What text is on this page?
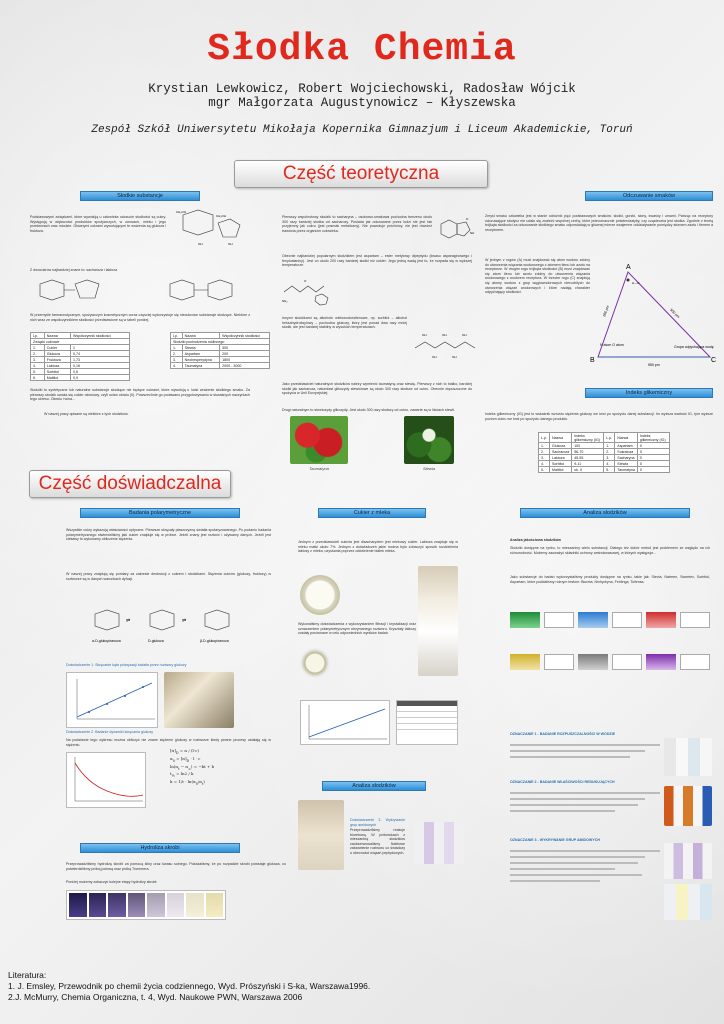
Słodka Chemia
Krystian Lewkowicz, Robert Wojciechowski, Radosław Wójcik
mgr Małgorzata Augustynowicz – Kłyszewska
Zespół Szkół Uniwersytetu Mikołaja Kopernika Gimnazjum i Liceum Akademickie, Toruń
Część teoretyczna
Słodkie substancje	Odczuwanie smaków
Podstawowymi związkami, które wywołują u człowieka odczucie słodkości są cukry. Występują w większości produktów spożywczych, w owocach, mleku i jego przetworach oraz miodzie. Głównymi cukrami wywołującymi te wrażenia są glukoza i fruktoza.
CH₂OH
CH₂OH
OH	OH
Z dwucukrów najbardziej znane to: sacharoza i laktoza
W przemyśle farmaceutycznym, spożywczym kosmetycznym coraz częściej wykorzystuje się niecukrowe substancje słodzące. Niektóre z nich wraz ze współczynnikiem słodkości przedstawione są w tabeli poniżej.
Lp.	Nazwa	Współczynnik słodkości
Związki cukrowe		
1.	Cukier	1
2.	Glukoza	0,74
3.	Fruktoza	1,73
4.	Laktoza	0,16
5.	Sorbitol	0,6
6.	Maltitol	0,9
Lp.	Nazwa	Współczynnik słodkości
Słodziki pochodzenia roślinnego		
1.	Stewia	300
2.	Aspartam	200
3.	Neohesperydyna	1800
4.	Taumatyna	2000 - 3000
Słodziki to syntetyczne lub naturalne substancje słodzące nie będące cukrami, które wywołują u ludzi wrażenie słodkiego smaku. Za pierwszy słodzik uważa się cukier ołowiowy, czyli octan ołowiu (II). Powszechnie go podawano przygotowywaniu w skwaśnych naczyniach tego okresu. Ołowiu i wina...
W naszej pracy opisane są niektóre z tych słodzików.
Pierwszy wspólnotowy słodzik to sacharyna – osobowo-smakowa pochodna benzenu około 300 razy bardziej słodka od sacharozy. Posiada jak odczuwane przez ludzi nie jest tak przyjemny jak cukru (jest posmak metaliczny). Nie powoduje próchnicy, nie jest również trawiona przez organizm człowieka.
O
NH
Obecnie najbardziej popularnym słodzikiem jest aspartam – ester metylowy dipeptydu (kwasu asparaginowego i fenyloalaniny). Jest on około 200 razy bardziej słodki niż cukier. Jego jedną wadą jest to, że rozpada się w wyższej temperaturze.
NH₂
O
Innymi słodzikami są alkohole wielowodorotlenowe, np. sorbitol – alkohol heksahydroksylowy – pochodna glukozy, który jest ponad dwa razy mniej słodki, ale jest bardziej stabilny w wysokich temperaturach.
OH	OH	OH
OH	OH
Jako przedstawiciel naturalnych słodzików należy wymienić taumatynę oraz stewię. Pierwszy z nich to białko, bardziej słodki jak sacharoza, natomiast glikozydy stewiolowe są około 300 razy słodsze od cukru. Obecnie dopuszczone do spożycia w Unii Europejskiej.
Drugi naturalnym to stewiozydy glikozydy. Jest około 300 razy słodszy od cukru, zawarte są w liściach stewii.
Taumatyna	Stewia
Zmysł smaku człowieka jest w stanie odróżnić pięć podstawowych smaków: słodki, gorzki, słony, kwaśny i umami. Patrząc na receptory odczuwające słodycz nie udało się znaleźć wspólnej cechy, które jednoznacznie potwierdzałyby, czy cząsteczka jest słodka. Zgodnie z teorią trójkąta słodkości za odczuwanie słodkiego smaku odpowiadają w głównej mierze wzajemne oddziaływanie pomiędzy atomem azotu i tlenem a receptorem.
W jednym z rogów (A) musi znajdować się atom wodoru zdolny do utworzenia wiązania wodorowego z atomem tlenu lub azotu na receptorze. W drugim rogu trójkąta słodkości (B) musi znajdować się atom tlenu lub azotu zdolny do utworzenia wiązania wodorowego z wodorem receptora. W trzecim rogu (C) znajdują się atomy wodoru z grup węglowodorowych nierozbitych do utworzenia wiązań wodorowych i które nadają charakter odpychający słodkości.
A
B	C
N atom O atom	Grupa odpychająca wodę
260 pm	550 pm
550 pm
H—O
Indeks glikemiczny
Indeks glikemiczny (IG) jest to wskaźnik wzrostu stężenia glukozy we krwi po spożyciu danej substancji. Im wyższa wartość IG, tym wyższe poziom cukru we krwi po spożyciu danego produktu.
L.p.	Nazwa	Indeks glikemiczny (IG)	L.p.	Nazwa	Indeks glikemiczny (IG)
1.	Glukoza	100	1.	Aspartam	0
2.	Sacharoza	56-70	2.	Sukraloza	0
3.	Laktoza	45-55	3.	Sacharyna	0
4.	Sorbitol	9-11	4.	Stewia	0
5.	Maltitol	ok. 0	5.	Taumatyna	0
Część doświadczalna
Badania polarymetryczne	Cukier z mleka	Analiza słodzików
Wszystkie cukry wykazują właściwości optyczne. Pierwsze skręcały płaszczyznę światła spolaryzowanego. Po podaniu badania polarymetrycznego stwierdziliśmy jaki cukier znajduje się w próbce. Jeżeli znany jest roztwór i używamy danych. Jeżeli jest ciekawy to wykonamy obliczenie stężenia.
W naszej pracy znajdują się pomiary za zakresie destrukcji z cukrem i słodzikami. Stężenia cukrów (glukozy, fruktozy) w roztworze są w danych warunkach dyfuzji.
⇌	⇌
α-D-glukopiranoza	D-glukoza	β-D-glukopiranoza
Doświadczenie 1. Skręcanie kąta polaryzacji światła przez roztwory glukozy
Doświadczenie 2. Badanie dynamiki skręcania glukozy
Na podstawie tego wykresu można obliczyć nie znane stężenie glukozy w roztworze kiedy pewne procesy ustalają się w stężeniu.
$[\alpha]_D = \alpha / (l\cdot c)$
$\alpha_0 = [\alpha]_D \cdot l \cdot c$
$\ln(\alpha_t - \alpha_\infty) = -kt + b$
$t_{\frac{1}{2}} = \ln 2 / k$
$k = 1/t \cdot \ln(\alpha_0/\alpha_t)$
Hydroliza skrobi
Przeprowadziliśmy hydrolizę skrobi za pomocą śliny oraz kwasu solnego. Pokazaliśmy, że po rozpadzie skrobi powstaje glukoza, co potwierdziliśmy próbą jodową oraz próbą Trommera.
Poniżej możemy zobaczyć kolejne etapy hydrolizy skrobi:
Jednym z przedstawicieli cukrów jest disacharydem jest mlekowy cukier. Laktoza znajduje się w mleku matki około 7%. Jednym z doświadczeń jakie można było zobaczyć sposób rozdzielenia laktozy z mleka, uzyskania poprzez oddzielenie białek mleka.
Wykonaliśmy doświadczenia z wykorzystaniem filtracji i krystalizacji oraz oznaczeniem polarymetrycznym otrzymanego roztworu. Kryształy laktozy zostały porównane w celu odpowiednich wyników badań.
Analiza słodzików
Doświadczenie 3. Wykrywanie grup amidowych
Przeprowadziliśmy reakcje biuretową. W próbówkach z mieszaniną słodzików zaobserwowaliśmy fioletowe zabarwienie roztworu co świadczy o obecności wiązań peptydowych.
Analiza jakościowa słodzików
Słodziki dostępne na rynku, to mieszaniny wielu substancji. Dlatego też dobór metod jest problemem ze względu na ich różnorodność. Możemy zauważyć składniki ochrony aminokwasowej, w których występuje...
Jako substancje do badań wykorzystaliśmy produkty dostępne na rynku, takie jak: Stevia, Natreen, Sweetex, Sorbitol, Aspartam, które poddaliśmy różnym testom: Biureta, Ninhydryna, Fehlinga, Tollensa.
OZNACZANIE 1 - BADANIE ROZPUSZCZALNOŚCI W WODZIE
OZNACZANIE 2 - BADANIE WŁAŚCIWOŚCI REDUKUJĄCYCH
OZNACZANIE 3 - WYKRYWANIE GRUP AMIDOWYCH
Literatura:
1. J. Emsley, Przewodnik po chemii życia codziennego, Wyd. Prószyński i S-ka, Warszawa1996.
2.J. McMurry, Chemia Organiczna, t. 4, Wyd. Naukowe PWN, Warszawa 2006
